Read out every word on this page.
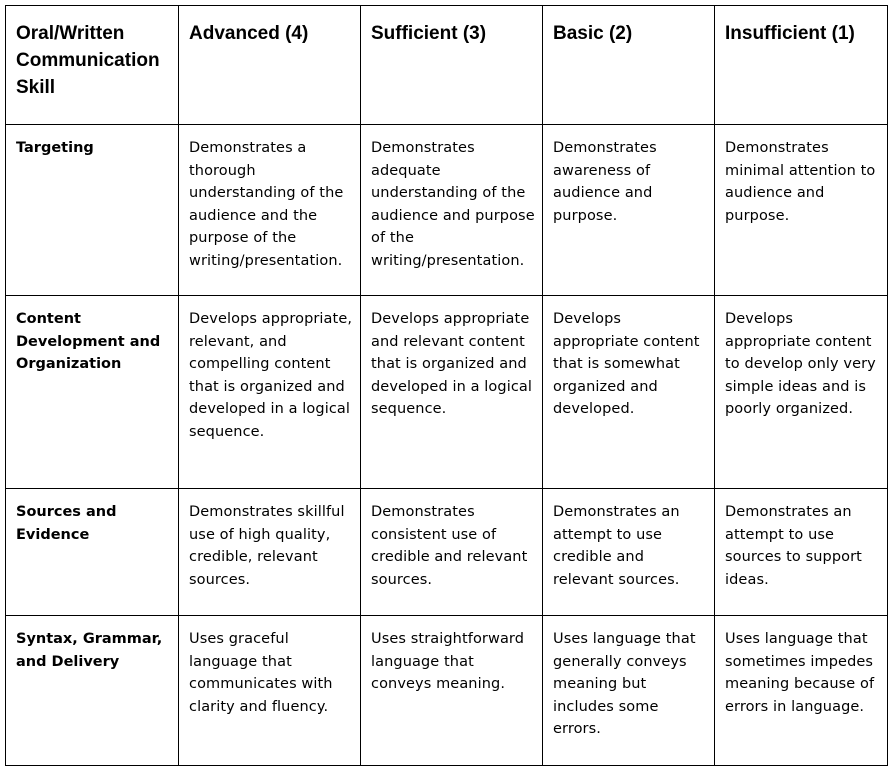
Oral/Written Communication Skill	Advanced (4)	Sufficient (3)	Basic (2)	Insufficient (1)

Targeting	Demonstrates a thorough understanding of the audience and the purpose of the writing/presentation.	Demonstrates adequate understanding of the audience and purpose of the writing/presentation.	Demonstrates awareness of audience and purpose.	Demonstrates minimal attention to audience and purpose.

Content Development and Organization	Develops appropriate, relevant, and compelling content that is organized and developed in a logical sequence.	Develops appropriate and relevant content that is organized and developed in a logical sequence.	Develops appropriate content that is somewhat organized and developed.	Develops appropriate content to develop only very simple ideas and is poorly organized.

Sources and Evidence	Demonstrates skillful use of high quality, credible, relevant sources.	Demonstrates consistent use of credible and relevant sources.	Demonstrates an attempt to use credible and relevant sources.	Demonstrates an attempt to use sources to support ideas.

Syntax, Grammar, and Delivery	Uses graceful language that communicates with clarity and fluency.	Uses straightforward language that conveys meaning.	Uses language that generally conveys meaning but includes some errors.	Uses language that sometimes impedes meaning because of errors in language.
